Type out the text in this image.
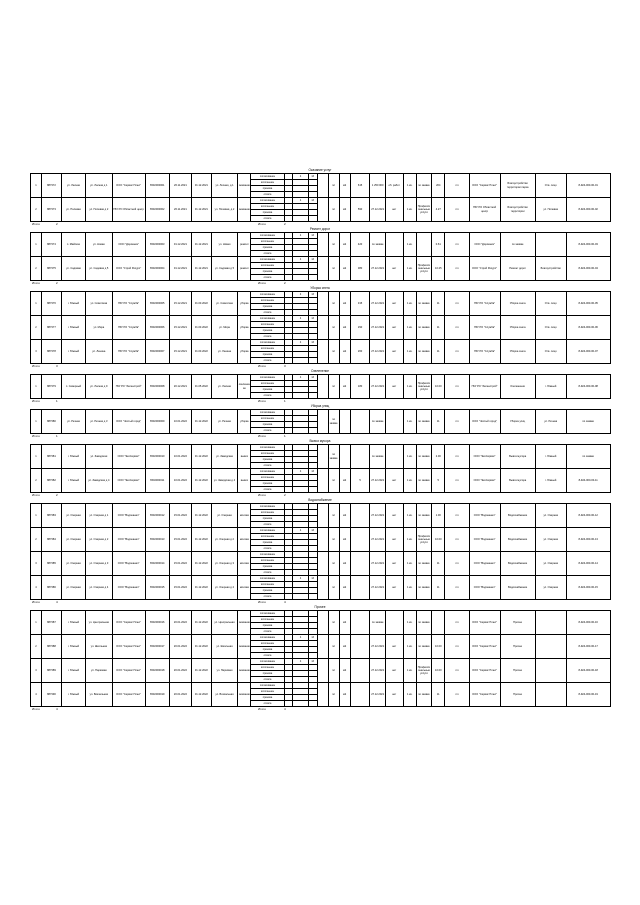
Оказание услуг
1	887372	ул. Лесная	ул. Лесная д 1	ООО "Сервис Плюс"	6502000001	26.11.2021	31.12.2021	ул. Лесная, д.1	оказание	согласование		4	13		пл	м2	615	1 250 000	об. работ	1 кв.	по заявке	204	пл	ООО "Сервис Плюс"	Благоустройство территории парка	Отв. лицо	8-924-000-00-01
										исполнение																	
										приемка																	
										оплата																	
2	887373	ул. Полевая	ул. Полевая д 2	ГБУ РО Областной центр	6502000002	26.11.2021	31.12.2021	ул. Полевая, д.2	оказание	согласование		4	13		пл	м2	590	27.12.2021	нет	1 кв.	Профессиональные услуги	4.27	пл	ГБУ РО Областной центр	Благоустройство территории	ул. Полевая	8-924-000-00-02
										исполнение																	
										приемка																	
										оплата																	
Итого	2	Итого	2
Ремонт дорог
1	887374	п. Майское	ул. Новая	ООО "Дорожник"	6502000003	01.12.2021	31.12.2021	ул. Новая	ремонт	согласование		4	13		пл	м2	420	по заявке		1 кв.		0.61	пл	ООО "Дорожник"	по заявке		8-924-000-00-03
										исполнение																	
										приемка																	
										оплата																	
2	887375	ул. Садовая	ул. Садовая д 5	ООО "Строй Ресурс"	6502000004	01.12.2021	31.12.2021	ул. Садовая д 5	ремонт	согласование		4	13		пл	м2	380	27.12.2021	нет	1 кв.	Профессиональные услуги	10.25	пл	ООО "Строй Ресурс"	Ремонт дорог	Благоустройство	8-924-000-00-04
										исполнение																	
										приемка																	
										оплата																	
Итого	2	Итого	2
Уборка снега
1	887376	г. Южный	ул. Советская	ГБУ РО "Служба"	6502000005	15.12.2021	31.03.2022	ул. Советская	уборка	согласование		4	13		пл	м2	315	27.12.2021	нет	1 кв.	по заявке	11	пл	ГБУ РО "Служба"	Уборка снега	Отв. лицо	8-924-000-00-05
										исполнение																	
										приемка																	
										оплата																	
2	887377	г. Южный	ул. Мира	ГБУ РО "Служба"	6502000006	15.12.2021	31.03.2022	ул. Мира	уборка	согласование		4	13		пл	м2	290	27.12.2021	нет	1 кв.	по заявке	11	пл	ГБУ РО "Служба"	Уборка снега	Отв. лицо	8-924-000-00-06
										исполнение																	
										приемка																	
										оплата																	
3	887378	г. Южный	ул. Ленина	ГБУ РО "Служба"	6502000007	15.12.2021	31.03.2022	ул. Ленина	уборка	согласование		4	13		пл	м2	260	27.12.2021	нет	1 кв.	по заявке	11	пл	ГБУ РО "Служба"	Уборка снега	Отв. лицо	8-924-000-00-07
										исполнение																	
										приемка																	
										оплата																	
Итого	3	Итого	3
Озеленение
1	887379	п. Северный	ул. Лесная д 9	ГБУ РО "Зеленстрой"	6502000008	20.12.2021	31.05.2022	ул. Лесная	озеленение	согласование		4	13		пл	м2	180	27.12.2021	нет	1 кв.	Профессиональные услуги	10.00	пл	ГБУ РО "Зеленстрой"	Озеленение	г. Южный	8-924-000-00-08
										исполнение																	
										приемка																	
										оплата																	
Итого	1	Итого	1
Уборка улиц
1	887380	ул. Речная	ул. Речная д 3	ООО "Чистый город"	6502000009	10.01.2022	31.12.2022	ул. Речная	уборка	согласование					по заявке			по заявке		1 кв.	по заявке	11	пл	ООО "Чистый город"	Уборка улиц	ул. Речная	по заявке
										исполнение																	
										приемка																	
										оплата																	
Итого	1	Итого	1
Вывоз мусора
1	887381	г. Южный	ул. Заводская	ООО "ЭкоСервис"	6502000010	10.01.2022	31.12.2022	ул. Заводская	вывоз	согласование					по заявке			по заявке		1 кв.	по заявке	2.00	пл	ООО "ЭкоСервис"	Вывоз мусора	г. Южный	по заявке
										исполнение																	
										приемка																	
										оплата																	
2	887382	г. Южный	ул. Заводская д 4	ООО "ЭкоСервис"	6502000011	10.01.2022	31.12.2022	ул. Заводская д 4	вывоз	согласование		4	13		пл	м2	5	27.12.2021	нет	1 кв.	по заявке	5	пл	ООО "ЭкоСервис"	Вывоз мусора	г. Южный	8-924-000-00-11
										исполнение																	
										приемка																	
										оплата																	
Итого	2	Итого	2
Водоснабжение
1	887383	ул. Озерная	ул. Озерная д 1	ООО "Водоканал"	6502000012	15.01.2022	31.12.2022	ул. Озерная	монтаж	согласование					пл	м2		27.12.2021	нет	1 кв.	по заявке	1.00	пл	ООО "Водоканал"	Водоснабжение	ул. Озерная	8-924-000-00-12
										исполнение																	
										приемка																	
										оплата																	
2	887384	ул. Озерная	ул. Озерная д 2	ООО "Водоканал"	6502000013	15.01.2022	31.12.2022	ул. Озерная д 2	монтаж	согласование		4	13		пл	м2		27.12.2021	нет	1 кв.	Профессиональные услуги	10.00	пл	ООО "Водоканал"	Водоснабжение	ул. Озерная	8-924-000-00-13
										исполнение																	
										приемка																	
										оплата																	
3	887385	ул. Озерная	ул. Озерная д 3	ООО "Водоканал"	6502000014	15.01.2022	31.12.2022	ул. Озерная д 3	монтаж	согласование					пл	м2		27.12.2021	нет	1 кв.	по заявке	11	пл	ООО "Водоканал"	Водоснабжение	ул. Озерная	8-924-000-00-14
										исполнение																	
										приемка																	
										оплата																	
4	887386	ул. Озерная	ул. Озерная д 4	ООО "Водоканал"	6502000015	15.01.2022	31.12.2022	ул. Озерная д 4	монтаж	согласование		4	13		пл	м2		27.12.2021	нет	1 кв.	по заявке	11	пл	ООО "Водоканал"	Водоснабжение	ул. Озерная	8-924-000-00-15
										исполнение																	
										приемка																	
										оплата																	
Итого	4	Итого	4
Прочее
1	887387	г. Южный	ул. Центральная	ООО "Сервис Плюс"	6502000016	20.01.2022	31.12.2022	ул. Центральная	оказание	согласование					пл	м2		по заявке		1 кв.	по заявке		пл	ООО "Сервис Плюс"	Прочее		8-924-000-00-16
										исполнение																	
										приемка																	
										оплата																	
2	887388	г. Южный	ул. Школьная	ООО "Сервис Плюс"	6502000017	20.01.2022	31.12.2022	ул. Школьная	оказание	согласование		4	13		пл	м2		27.12.2021	нет	1 кв.	по заявке	10.00	пл	ООО "Сервис Плюс"	Прочее		8-924-000-00-17
										исполнение																	
										приемка																	
										оплата																	
3	887389	г. Южный	ул. Парковая	ООО "Сервис Плюс"	6502000018	20.01.2022	31.12.2022	ул. Парковая	оказание	согласование		4	13		пл	м2		27.12.2021	нет	1 кв.	Профессиональные услуги	10.00	пл	ООО "Сервис Плюс"	Прочее		8-924-000-00-18
										исполнение																	
										приемка																	
										оплата																	
4	887390	г. Южный	ул. Вокзальная	ООО "Сервис Плюс"	6502000019	20.01.2022	31.12.2022	ул. Вокзальная	оказание	согласование					пл	м2		27.12.2021	нет	1 кв.	по заявке	11	пл	ООО "Сервис Плюс"	Прочее		8-924-000-00-19
										исполнение																	
										приемка																	
										оплата																	
Итого	4	Итого	4
